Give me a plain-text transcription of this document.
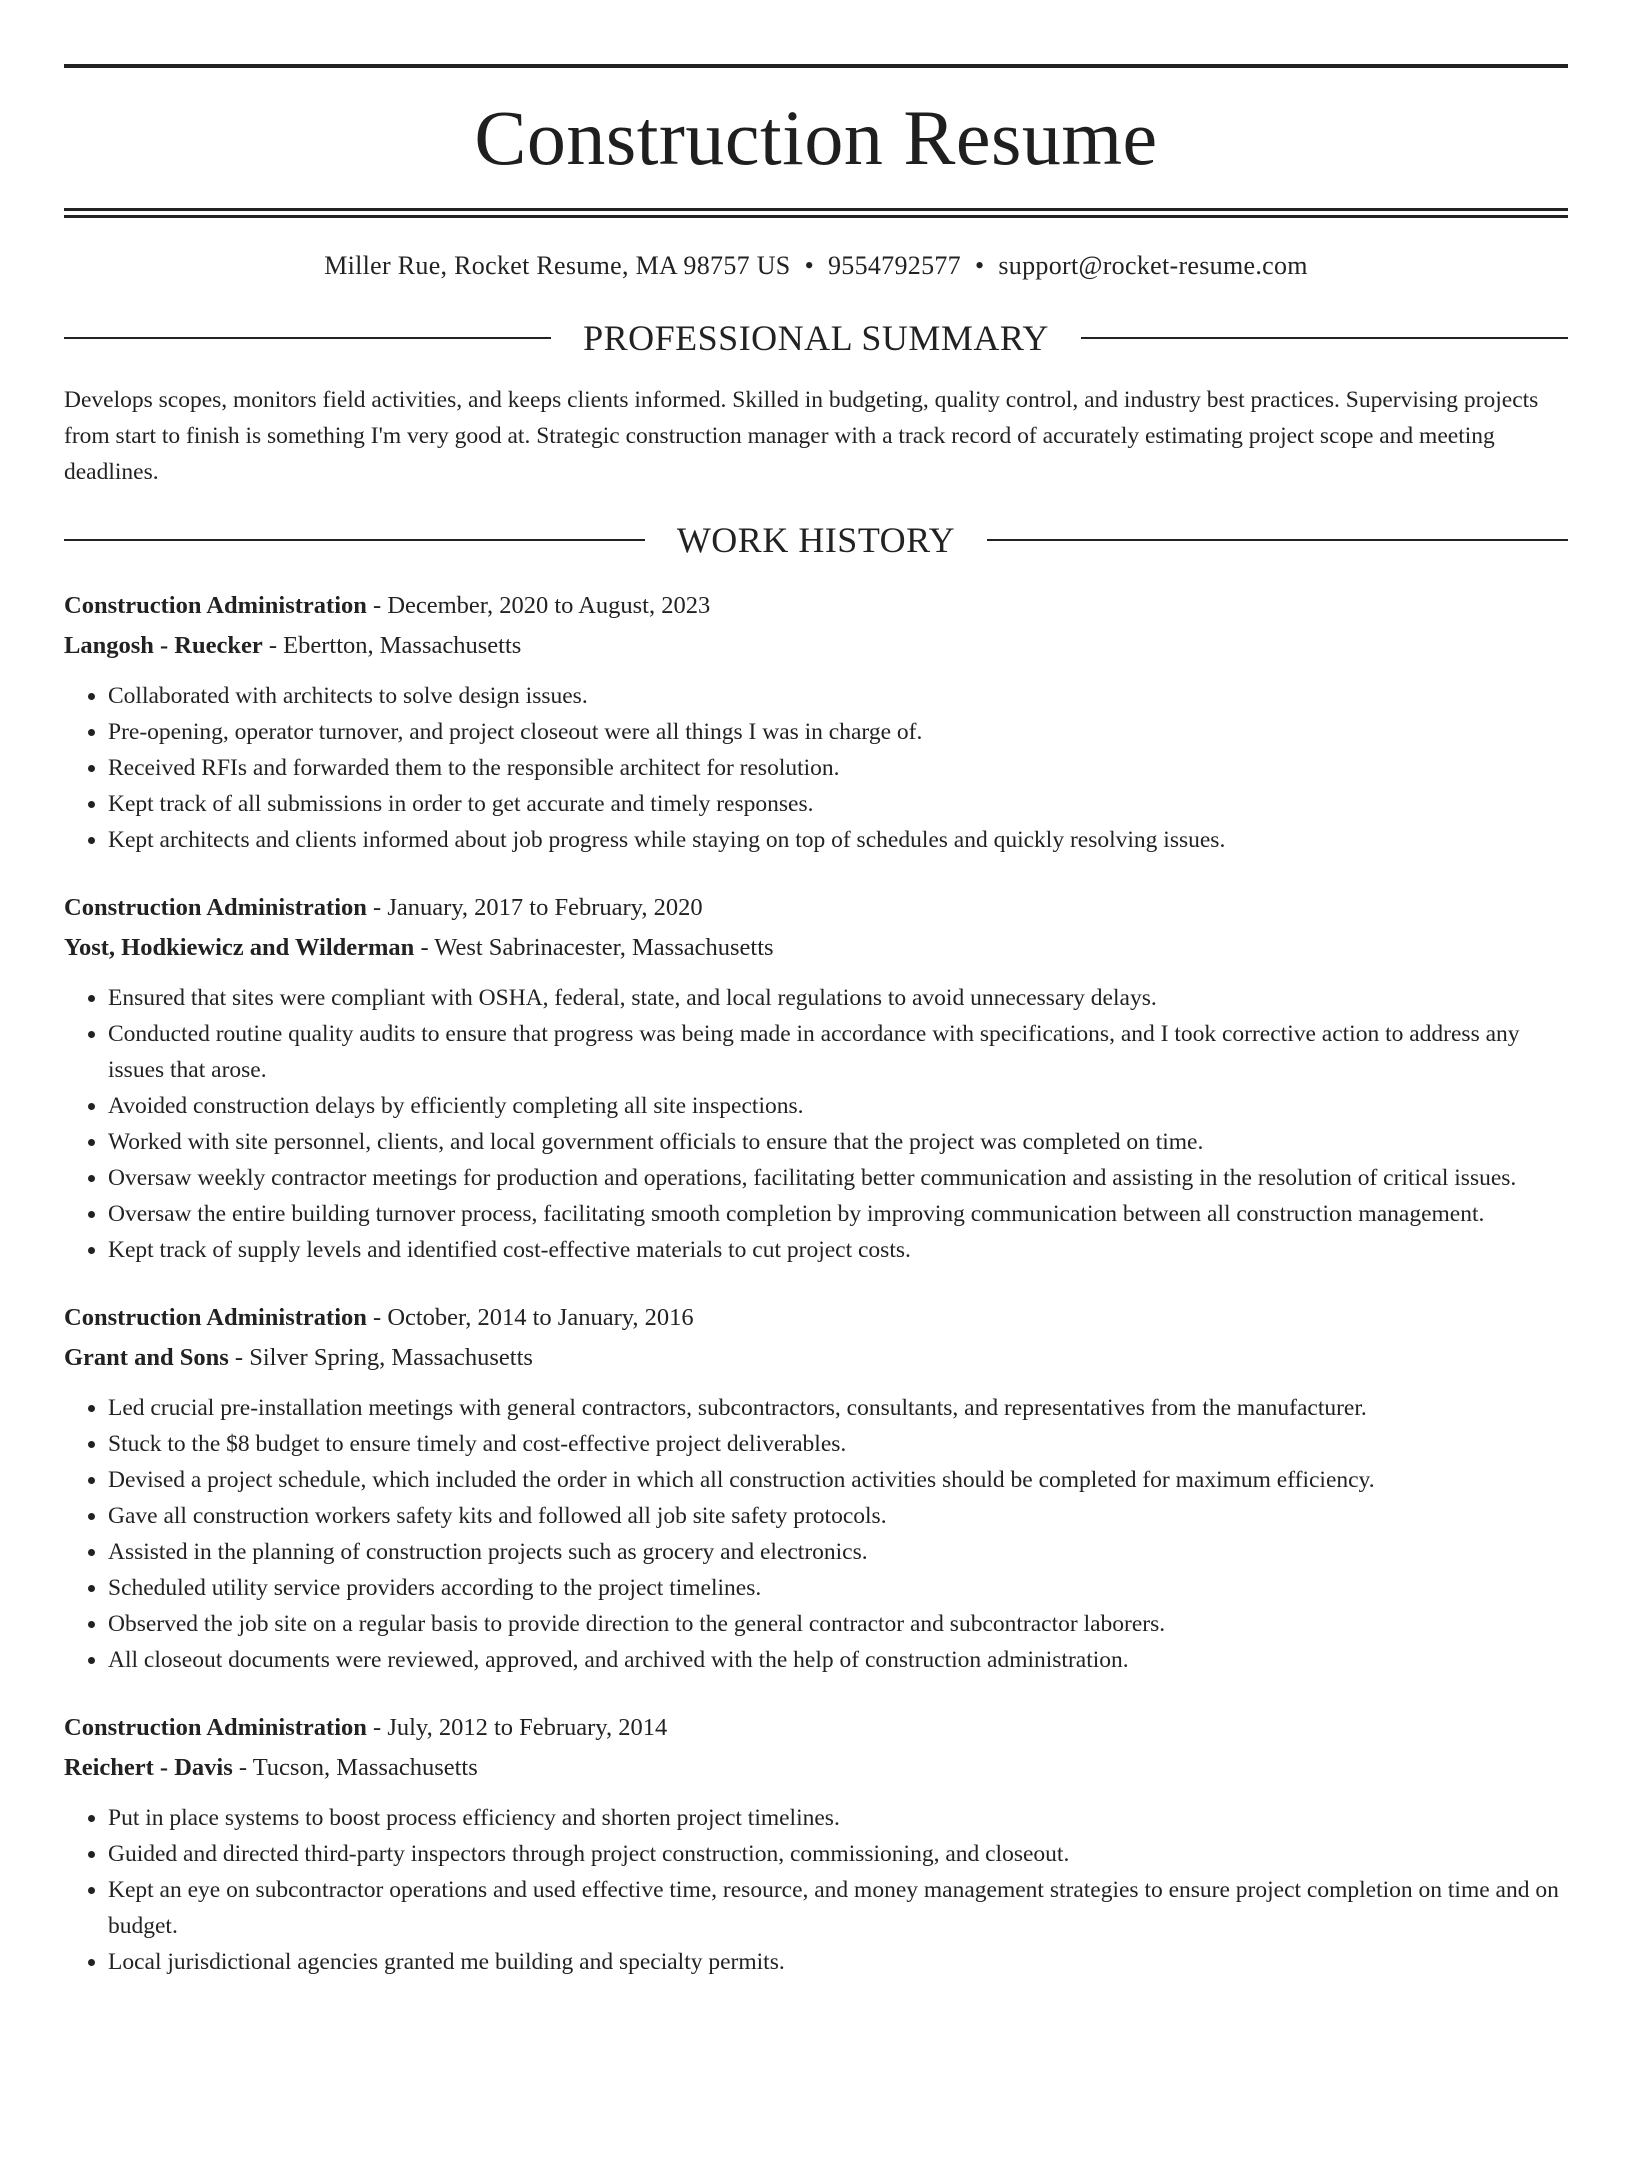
Construction Resume
Miller Rue, Rocket Resume, MA 98757 US • 9554792577 • support@rocket-resume.com
PROFESSIONAL SUMMARY
Develops scopes, monitors field activities, and keeps clients informed. Skilled in budgeting, quality control, and industry best practices. Supervising projects from start to finish is something I'm very good at. Strategic construction manager with a track record of accurately estimating project scope and meeting deadlines.
WORK HISTORY
Construction Administration - December, 2020 to August, 2023
Langosh - Ruecker - Ebertton, Massachusetts
• Collaborated with architects to solve design issues.
• Pre-opening, operator turnover, and project closeout were all things I was in charge of.
• Received RFIs and forwarded them to the responsible architect for resolution.
• Kept track of all submissions in order to get accurate and timely responses.
• Kept architects and clients informed about job progress while staying on top of schedules and quickly resolving issues.
Construction Administration - January, 2017 to February, 2020
Yost, Hodkiewicz and Wilderman - West Sabrinacester, Massachusetts
• Ensured that sites were compliant with OSHA, federal, state, and local regulations to avoid unnecessary delays.
• Conducted routine quality audits to ensure that progress was being made in accordance with specifications, and I took corrective action to address any issues that arose.
• Avoided construction delays by efficiently completing all site inspections.
• Worked with site personnel, clients, and local government officials to ensure that the project was completed on time.
• Oversaw weekly contractor meetings for production and operations, facilitating better communication and assisting in the resolution of critical issues.
• Oversaw the entire building turnover process, facilitating smooth completion by improving communication between all construction management.
• Kept track of supply levels and identified cost-effective materials to cut project costs.
Construction Administration - October, 2014 to January, 2016
Grant and Sons - Silver Spring, Massachusetts
• Led crucial pre-installation meetings with general contractors, subcontractors, consultants, and representatives from the manufacturer.
• Stuck to the $8 budget to ensure timely and cost-effective project deliverables.
• Devised a project schedule, which included the order in which all construction activities should be completed for maximum efficiency.
• Gave all construction workers safety kits and followed all job site safety protocols.
• Assisted in the planning of construction projects such as grocery and electronics.
• Scheduled utility service providers according to the project timelines.
• Observed the job site on a regular basis to provide direction to the general contractor and subcontractor laborers.
• All closeout documents were reviewed, approved, and archived with the help of construction administration.
Construction Administration - July, 2012 to February, 2014
Reichert - Davis - Tucson, Massachusetts
• Put in place systems to boost process efficiency and shorten project timelines.
• Guided and directed third-party inspectors through project construction, commissioning, and closeout.
• Kept an eye on subcontractor operations and used effective time, resource, and money management strategies to ensure project completion on time and on budget.
• Local jurisdictional agencies granted me building and specialty permits.
